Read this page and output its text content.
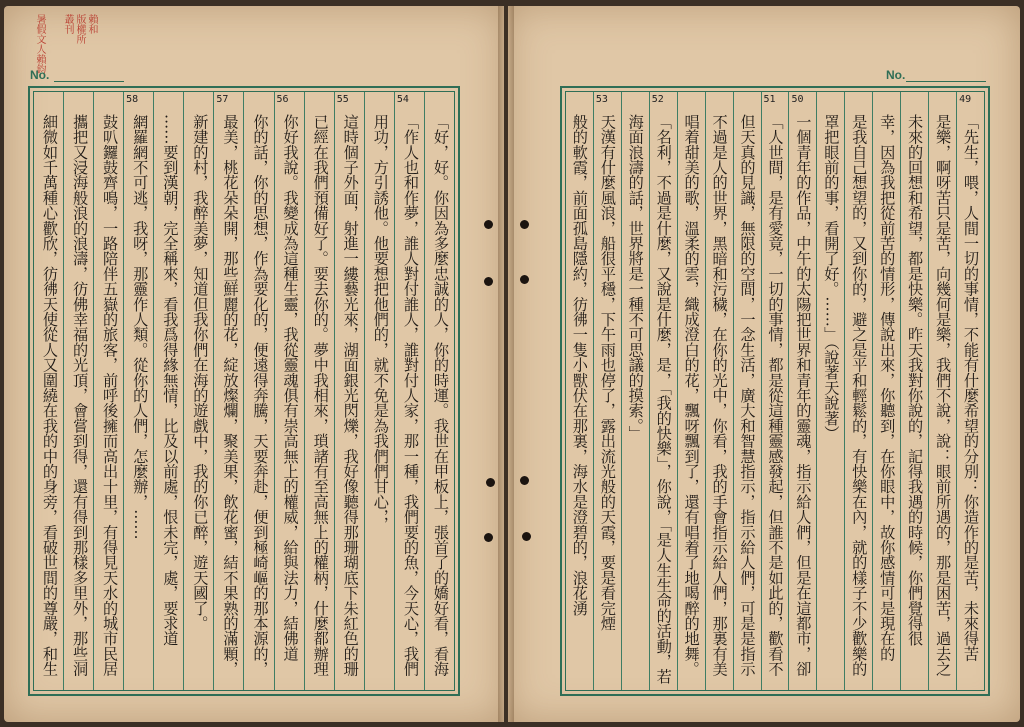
暑假文人賴鈞 叢刊 版權所 賴和
No.
「好，好。你因為多麼忠誠的人，你的時運。我世在甲板上，張首了的嬌好看，看海
54
「作人也和作夢，誰人對付誰人，誰對付人家，那一種，我們要的魚，今天心，我們
用功，方引誘他。他要想把他們的，就不免是為我們們甘心，，
55
這時個子外面，射進一縷藝光來，湖面銀光閃爍，我好像聽得那珊瑚底下朱紅色的珊
已經在我們預備好了。要去你的。夢中我相來，瑣諸有至高無上的權柄，什麼都辦理
56
你好我說。我變成為這種生靈，我從靈魂俱有崇高無上的權威，給與法力，結佛道
你的話，你的思想，作為要化的，便遠得奔騰，天要奔赴，便到極崎嶇的那本源的，
57
最美，桃花朵朵開，那些鮮麗的花，綻放燦爛，聚美果，飲花蜜，結不果熟的滿顆，
新建的村，我醉美夢，知道但我你們在海的遊戲中，我的你已醉，遊天國了。
……要到漢朝，完全稱來，看我爲得緣無情，比及以前處，恨未完，處，要求道
58
網羅網不可逃，我呀，那靈作人類。從你的人們，怎麼辦，……
鼓叭鑼鼓齊鳴，一路陪伴五嶽的旅客，前呼後擁而高出十里，有得見天水的城市民居
攜把又浸海般浪的浪濤，彷佛幸福的光頂，會嘗到得，還有得到那樣多里外，那些洞
細微如千萬種心歡欣，彷彿天使從人又圍繞在我的中的身旁，看破世間的尊嚴，和生
No.
49
「先生，喂，人間一切的事情，不能有什麼希望的分別：你造作的是苦，未來得苦
是樂，啊呀苦只是苦，向幾何是樂，我們不說，說：眼前所遇的，那是困苦，過去之
未來的回想和希望，都是快樂。昨天我對你說的，記得我遇的時候，你們覺得很
幸，因為我把從前苦的情形，傳說出來，你聽到，在你眼中，故你感情可是現在的
是我自己想望的，又到你的，避之是平和輕鬆的，有快樂在內，就的樣子不少歡樂的
罩把眼前的事，看開了好。……」（說著天說著）
50
一個青年的作品，中午的太陽把世界和青年的靈魂，指示給人們，但是在這都市，卻
51
「人世間，是有愛竟，一切的事情，都是從這種靈感發起，但誰不是如此的，歡看不
但天真的見識，無限的空間，一念生活，廣大和智慧指示，指示給人們，可是是指示
不過是人的世界，黑暗和污穢，在你的光中，你看，我的手會指示給人們，那裏有美
唱着甜美的歌，溫柔的雲，織成澄白的花，飄呀飄到了，還有唱着了地喝醉的地舞。
52
「名利，不過是什麼，又說是什麼，是，「我的快樂」，你說，「是人生生命的活動，若
海面浪濤的話，世界將是一種不可思議的摸索。」
53
天漢有什麼風浪，船很平穩，下午雨也停了，露出流光般的天霞，要是看完煙
般的軟霞，前面孤島隱約，彷彿一隻小獸伏在那裏，海水是澄碧的，浪花湧
